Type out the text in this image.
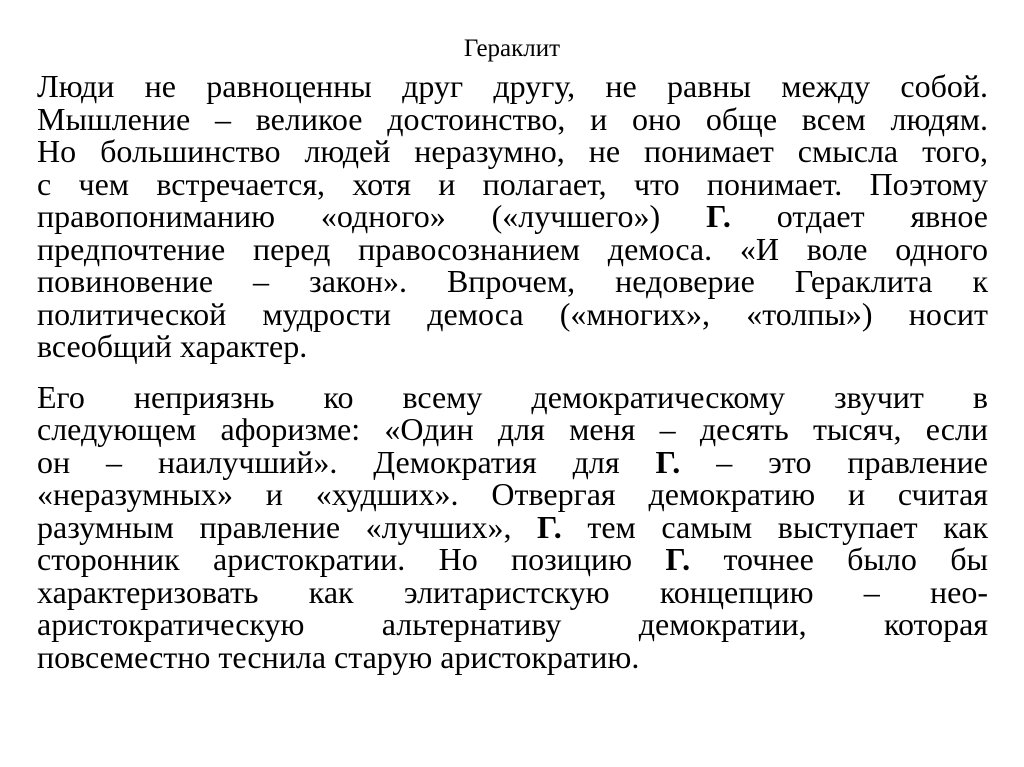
Гераклит

Люди не равноценны друг другу, не равны между собой.
Мышление – великое достоинство, и оно обще всем людям.
Но большинство людей неразумно, не понимает смысла того,
с чем встречается, хотя и полагает, что понимает. Поэтому
правопониманию «одного» («лучшего») Г. отдает явное
предпочтение перед правосознанием демоса. «И воле одного
повиновение – закон». Впрочем, недоверие Гераклита к
политической мудрости демоса («многих», «толпы») носит
всеобщий характер.

Его неприязнь ко всему демократическому звучит в
следующем афоризме: «Один для меня – десять тысяч, если
он – наилучший». Демократия для Г. – это правление
«неразумных» и «худших». Отвергая демократию и считая
разумным правление «лучших», Г. тем самым выступает как
сторонник аристократии. Но позицию Г. точнее было бы
характеризовать как элитаристскую концепцию – нео-
аристократическую альтернативу демократии, которая
повсеместно теснила старую аристократию.
